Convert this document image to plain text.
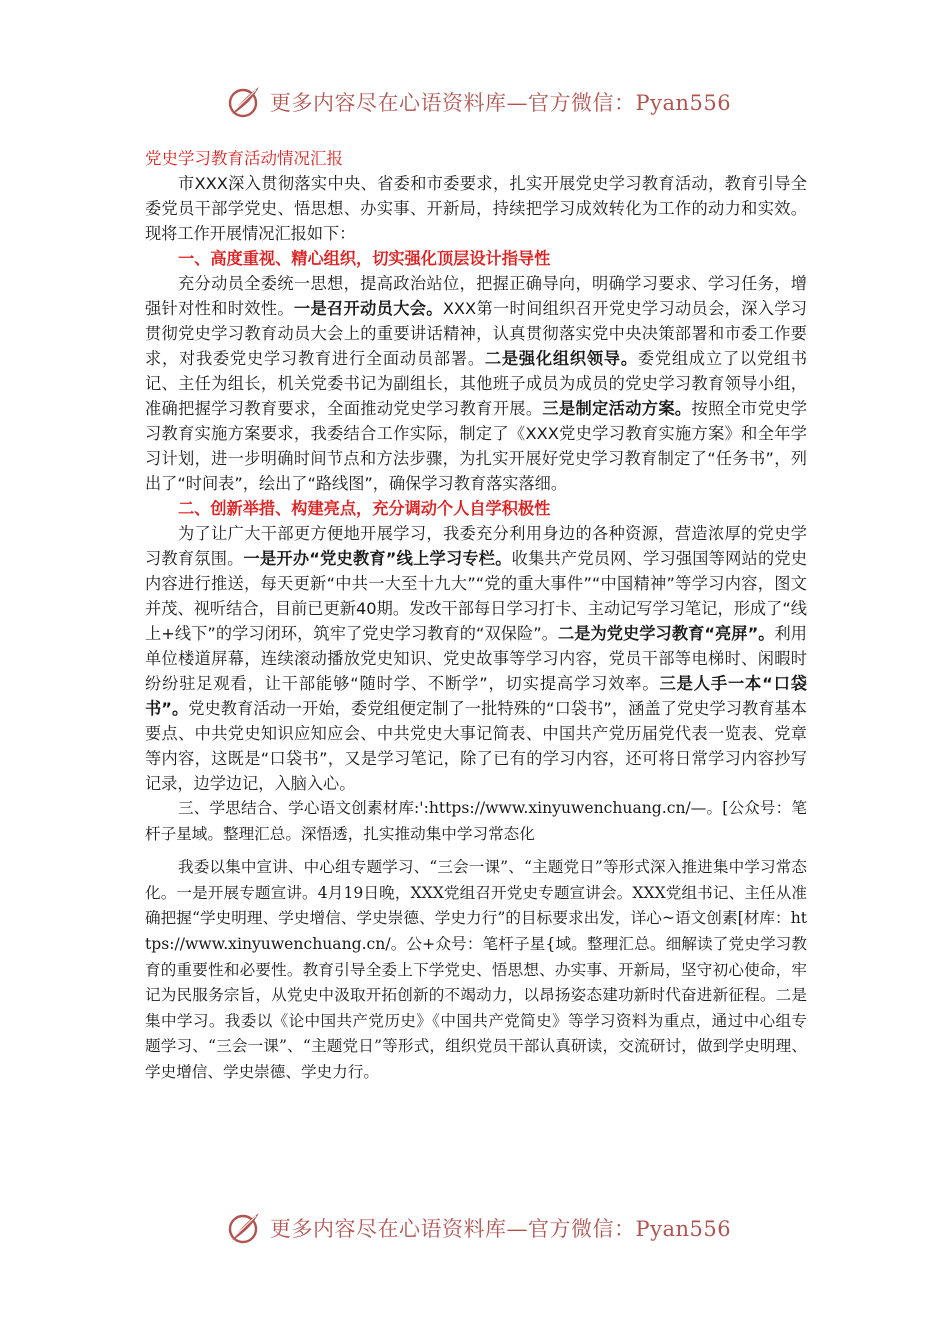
更多内容尽在心语资料库—官方微信：Pyan556

党史学习教育活动情况汇报

市XXX深入贯彻落实中央、省委和市委要求，扎实开展党史学习教育活动，教育引导全委党员干部学党史、悟思想、办实事、开新局，持续把学习成效转化为工作的动力和实效。现将工作开展情况汇报如下：

一、高度重视、精心组织，切实强化顶层设计指导性

充分动员全委统一思想，提高政治站位，把握正确导向，明确学习要求、学习任务，增强针对性和时效性。一是召开动员大会。XXX第一时间组织召开党史学习动员会，深入学习贯彻党史学习教育动员大会上的重要讲话精神，认真贯彻落实党中央决策部署和市委工作要求，对我委党史学习教育进行全面动员部署。二是强化组织领导。委党组成立了以党组书记、主任为组长，机关党委书记为副组长，其他班子成员为成员的党史学习教育领导小组，准确把握学习教育要求，全面推动党史学习教育开展。三是制定活动方案。按照全市党史学习教育实施方案要求，我委结合工作实际，制定了《XXX党史学习教育实施方案》和全年学习计划，进一步明确时间节点和方法步骤，为扎实开展好党史学习教育制定了“任务书”，列出了“时间表”，绘出了“路线图”，确保学习教育落实落细。

二、创新举措、构建亮点，充分调动个人自学积极性

为了让广大干部更方便地开展学习，我委充分利用身边的各种资源，营造浓厚的党史学习教育氛围。一是开办“党史教育”线上学习专栏。收集共产党员网、学习强国等网站的党史内容进行推送，每天更新“中共一大至十九大”“党的重大事件”“中国精神”等学习内容，图文并茂、视听结合，目前已更新40期。发改干部每日学习打卡、主动记写学习笔记，形成了“线上+线下”的学习闭环，筑牢了党史学习教育的“双保险”。二是为党史学习教育“亮屏”。利用单位楼道屏幕，连续滚动播放党史知识、党史故事等学习内容，党员干部等电梯时、闲暇时纷纷驻足观看，让干部能够“随时学、不断学”，切实提高学习效率。三是人手一本“口袋书”。党史教育活动一开始，委党组便定制了一批特殊的“口袋书”，涵盖了党史学习教育基本要点、中共党史知识应知应会、中共党史大事记简表、中国共产党历届党代表一览表、党章等内容，这既是“口袋书”，又是学习笔记，除了已有的学习内容，还可将日常学习内容抄写记录，边学边记，入脑入心。

三、学思结合、学心语文创素材库:':https://www.xinyuwenchuang.cn/—。[公众号：笔杆子星域。整理汇总。深悟透，扎实推动集中学习常态化

我委以集中宣讲、中心组专题学习、“三会一课”、“主题党日”等形式深入推进集中学习常态化。一是开展专题宣讲。4月19日晚，XXX党组召开党史专题宣讲会。XXX党组书记、主任从准确把握“学史明理、学史增信、学史崇德、学史力行”的目标要求出发，详心~语文创素[材库：https://www.xinyuwenchuang.cn/。公+众号：笔杆子星{域。整理汇总。细解读了党史学习教育的重要性和必要性。教育引导全委上下学党史、悟思想、办实事、开新局，坚守初心使命，牢记为民服务宗旨，从党史中汲取开拓创新的不竭动力，以昂扬姿态建功新时代奋进新征程。二是集中学习。我委以《论中国共产党历史》《中国共产党简史》等学习资料为重点，通过中心组专题学习、“三会一课”、“主题党日”等形式，组织党员干部认真研读，交流研讨，做到学史明理、学史增信、学史崇德、学史力行。

更多内容尽在心语资料库—官方微信：Pyan556
